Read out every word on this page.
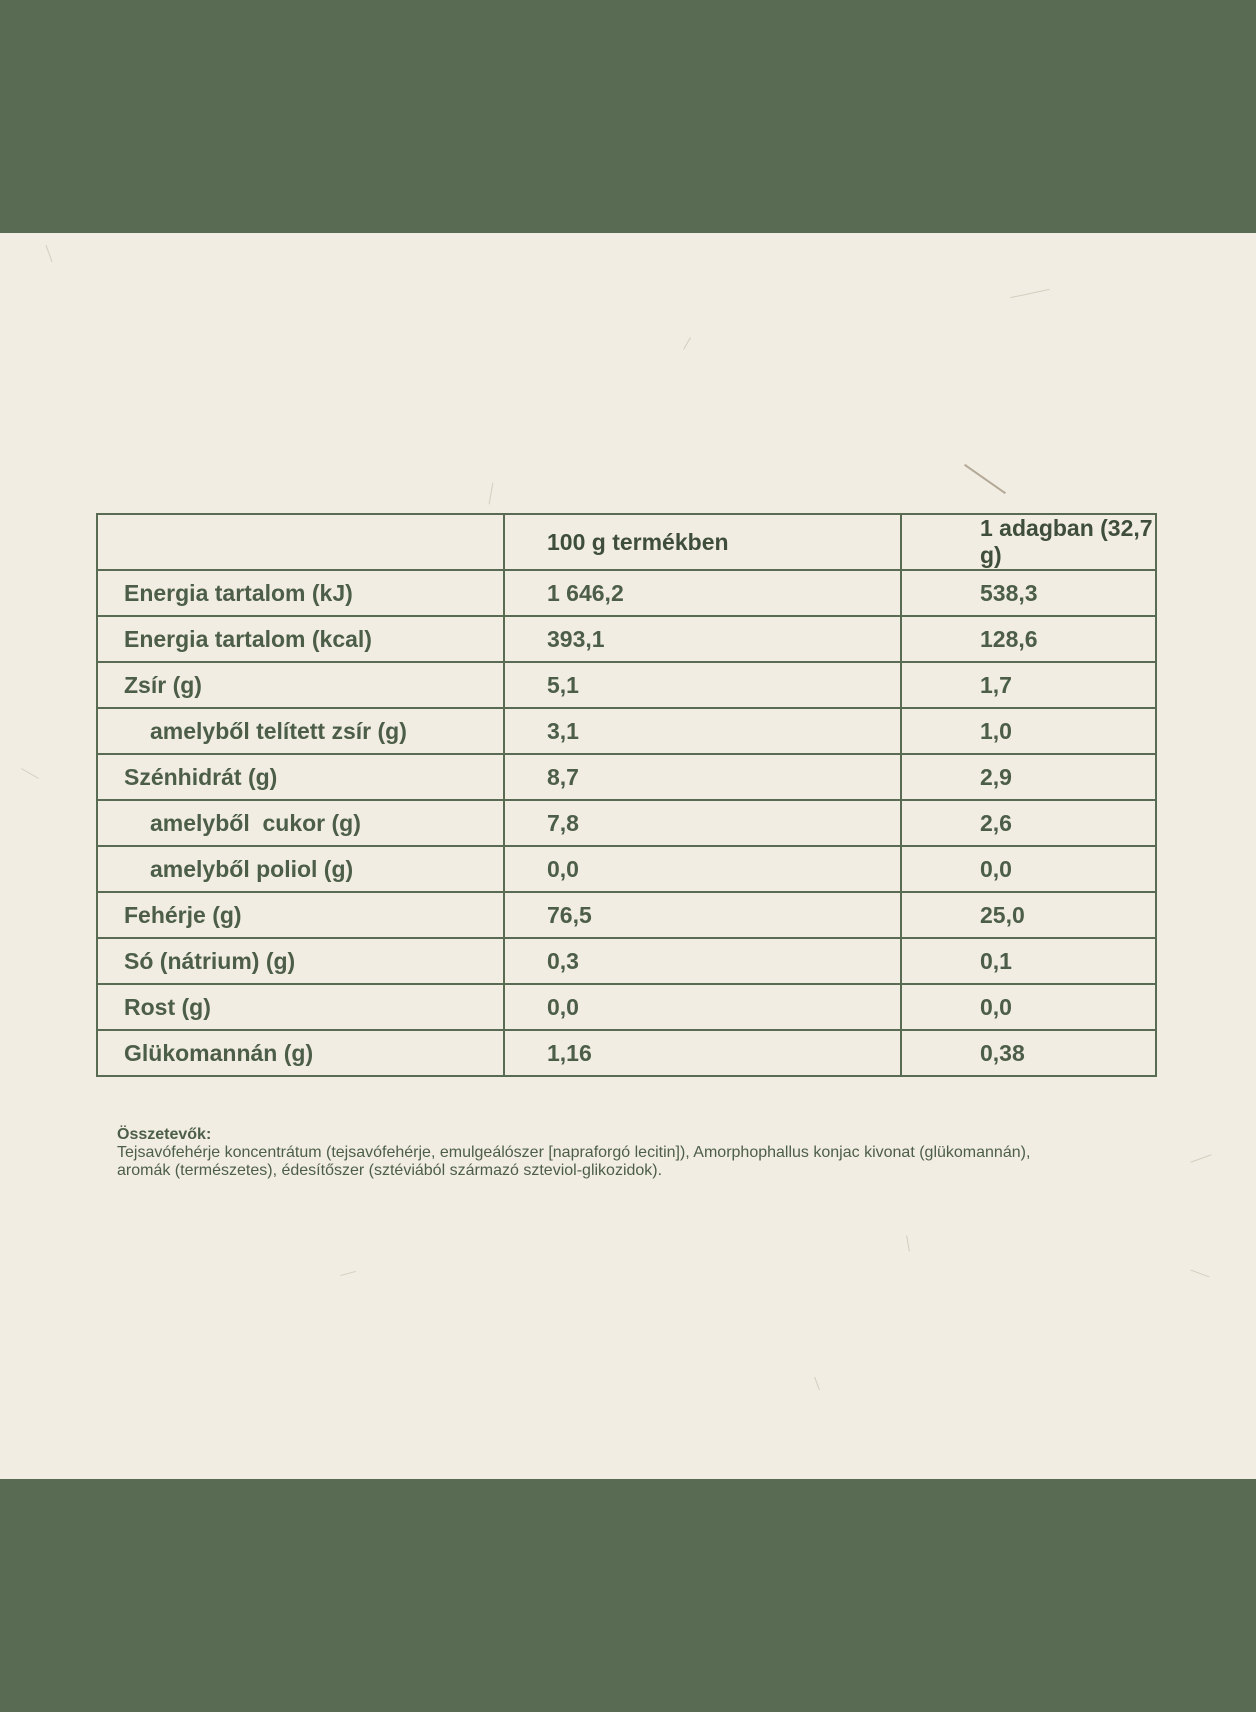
	100 g termékben	1 adagban (32,7 g)
Energia tartalom (kJ)	1 646,2	538,3
Energia tartalom (kcal)	393,1	128,6
Zsír (g)	5,1	1,7
amelyből telített zsír (g)	3,1	1,0
Szénhidrát (g)	8,7	2,9
amelyből  cukor (g)	7,8	2,6
amelyből poliol (g)	0,0	0,0
Fehérje (g)	76,5	25,0
Só (nátrium) (g)	0,3	0,1
Rost (g)	0,0	0,0
Glükomannán (g)	1,16	0,38

Összetevők:

Tejsavófehérje koncentrátum (tejsavófehérje, emulgeálószer [napraforgó lecitin]), Amorphophallus konjac kivonat (glükomannán), aromák (természetes), édesítőszer (sztéviából származó szteviol-glikozidok).
